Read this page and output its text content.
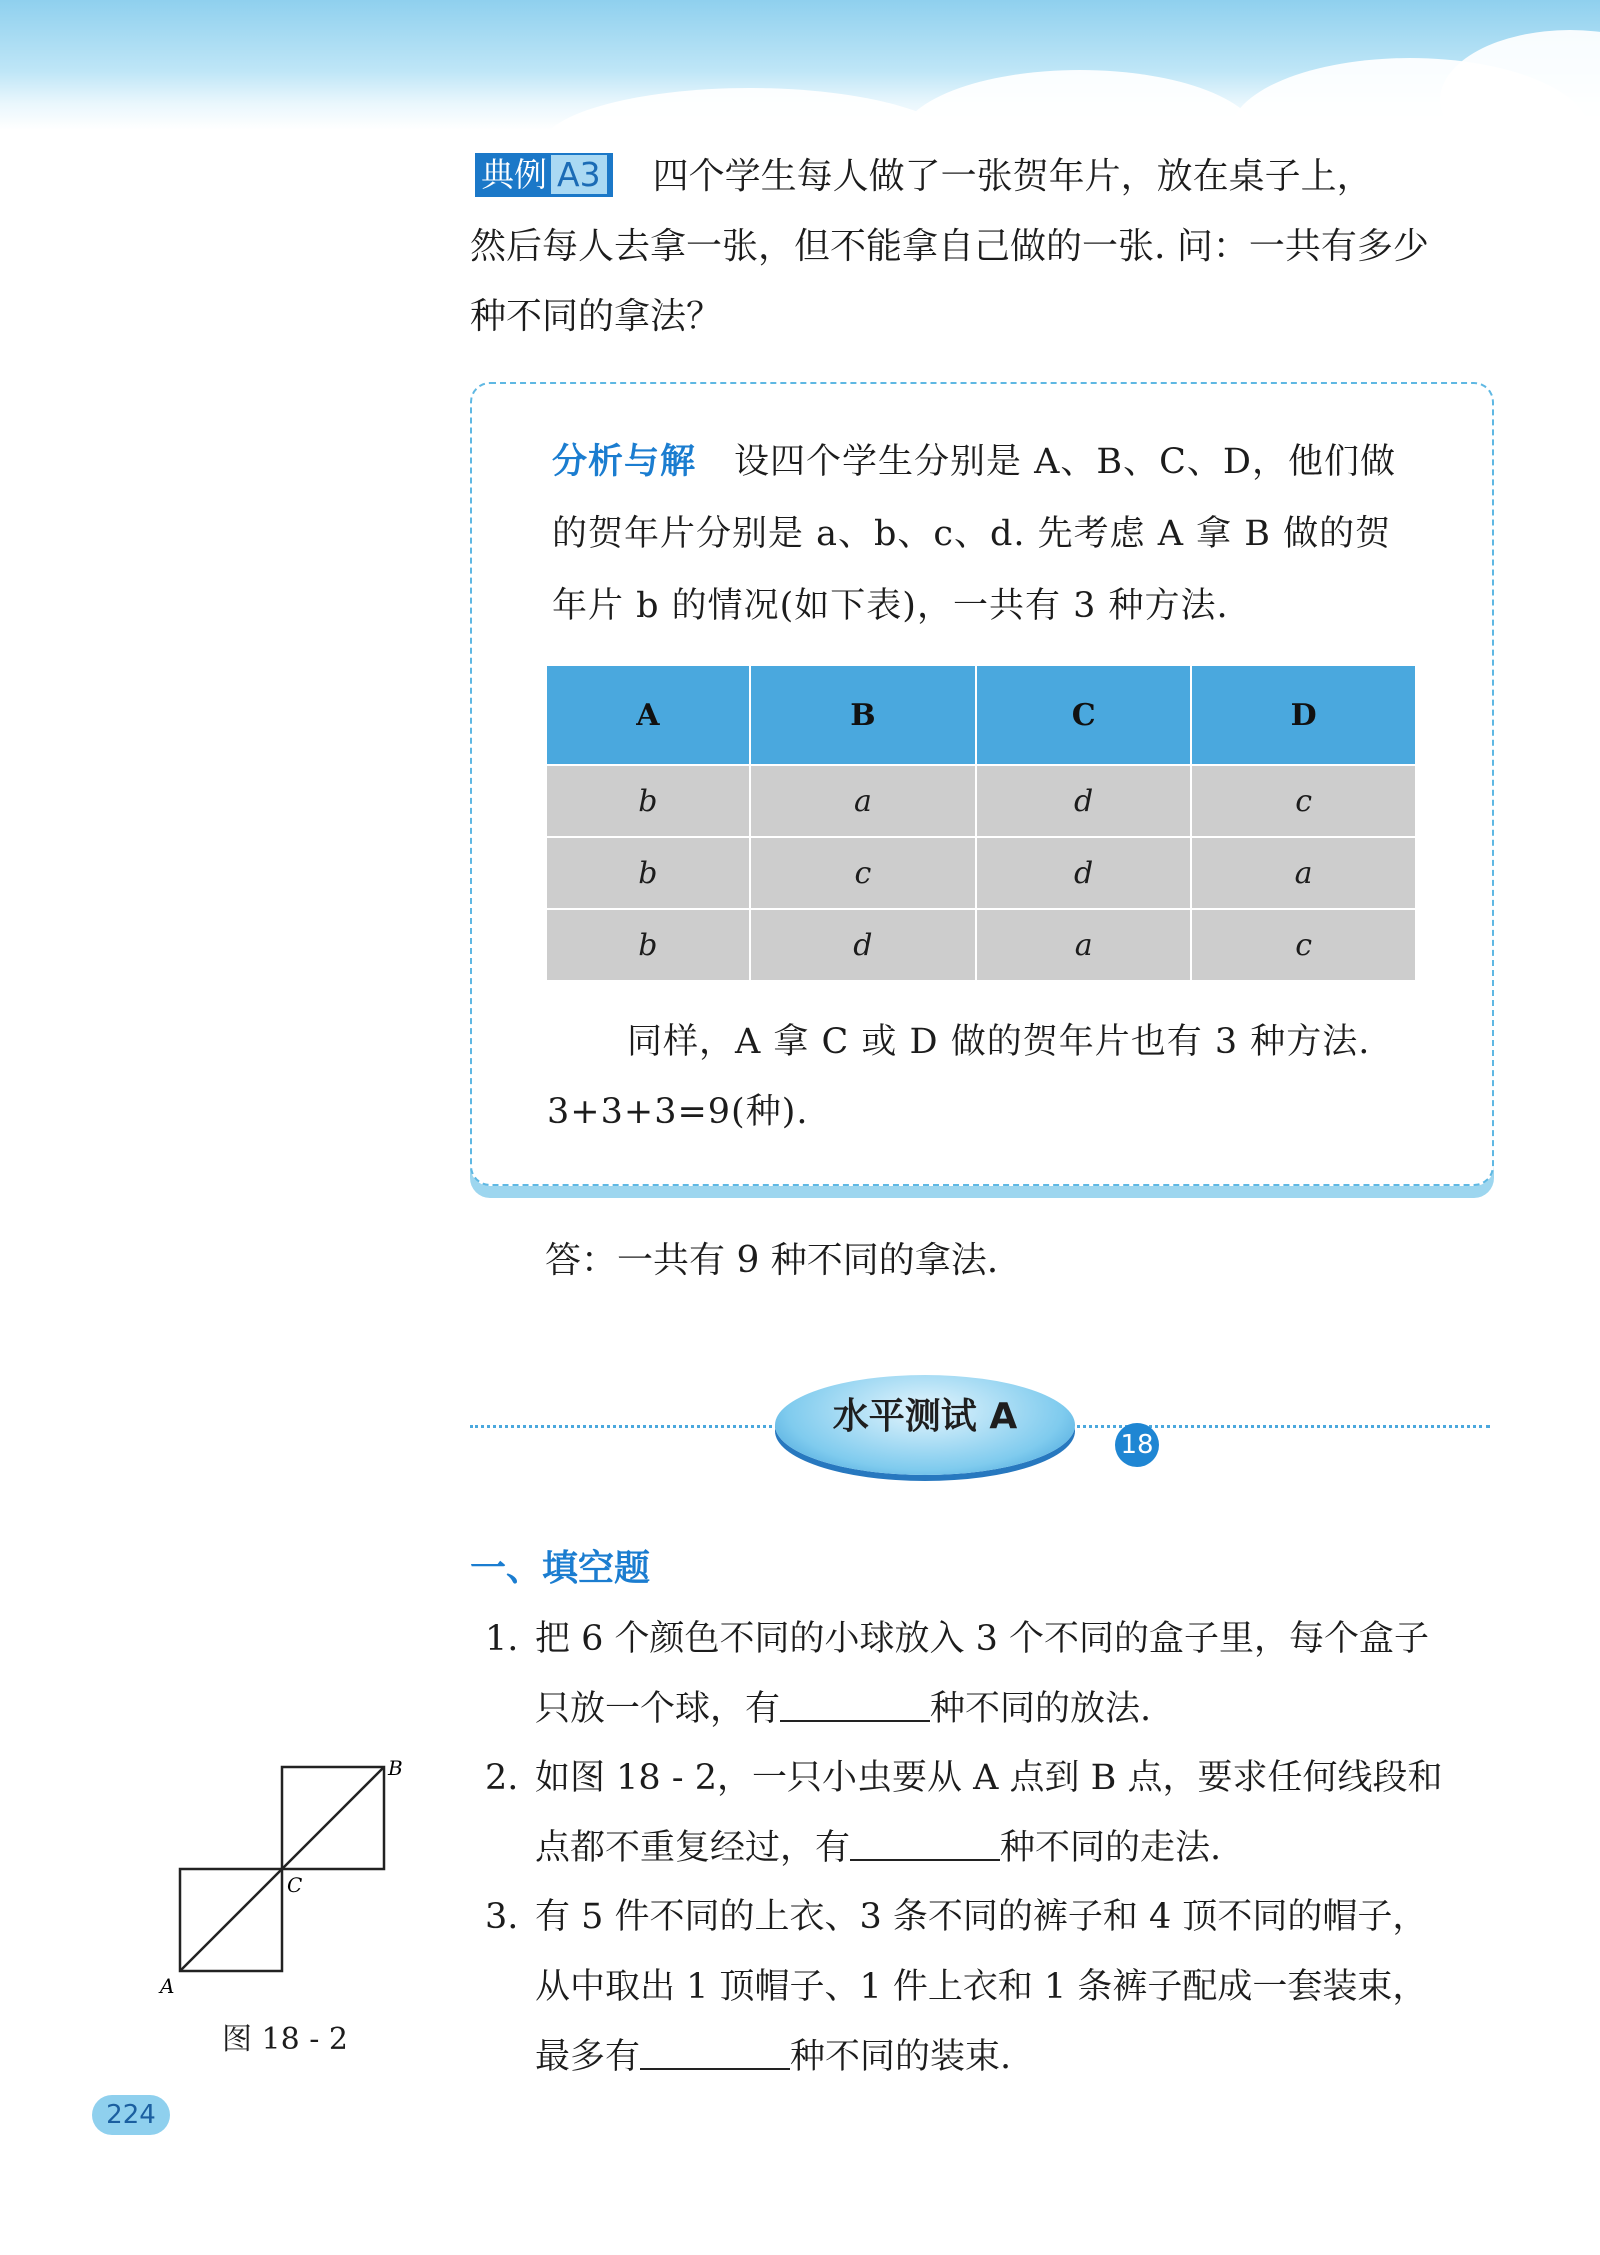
典例 A3 四个学生每人做了一张贺年片，放在桌子上，
然后每人去拿一张，但不能拿自己做的一张. 问：一共有多少
种不同的拿法？
分析与解 设四个学生分别是 A、B、C、D，他们做
的贺年片分别是 a、b、c、d. 先考虑 A 拿 B 做的贺
年片 b 的情况(如下表)，一共有 3 种方法.
A	B	C	D
b	a	d	c
b	c	d	a
b	d	a	c
同样，A 拿 C 或 D 做的贺年片也有 3 种方法.
3+3+3=9(种).
答：一共有 9 种不同的拿法.
水平测试 A
18
一、填空题
1. 把 6 个颜色不同的小球放入 3 个不同的盒子里，每个盒子
只放一个球，有	种不同的放法.
2. 如图 18 - 2，一只小虫要从 A 点到 B 点，要求任何线段和
点都不重复经过，有	种不同的走法.
3. 有 5 件不同的上衣、3 条不同的裤子和 4 顶不同的帽子，
从中取出 1 顶帽子、1 件上衣和 1 条裤子配成一套装束，
最多有	种不同的装束.
A
B
C
图 18 - 2
224
